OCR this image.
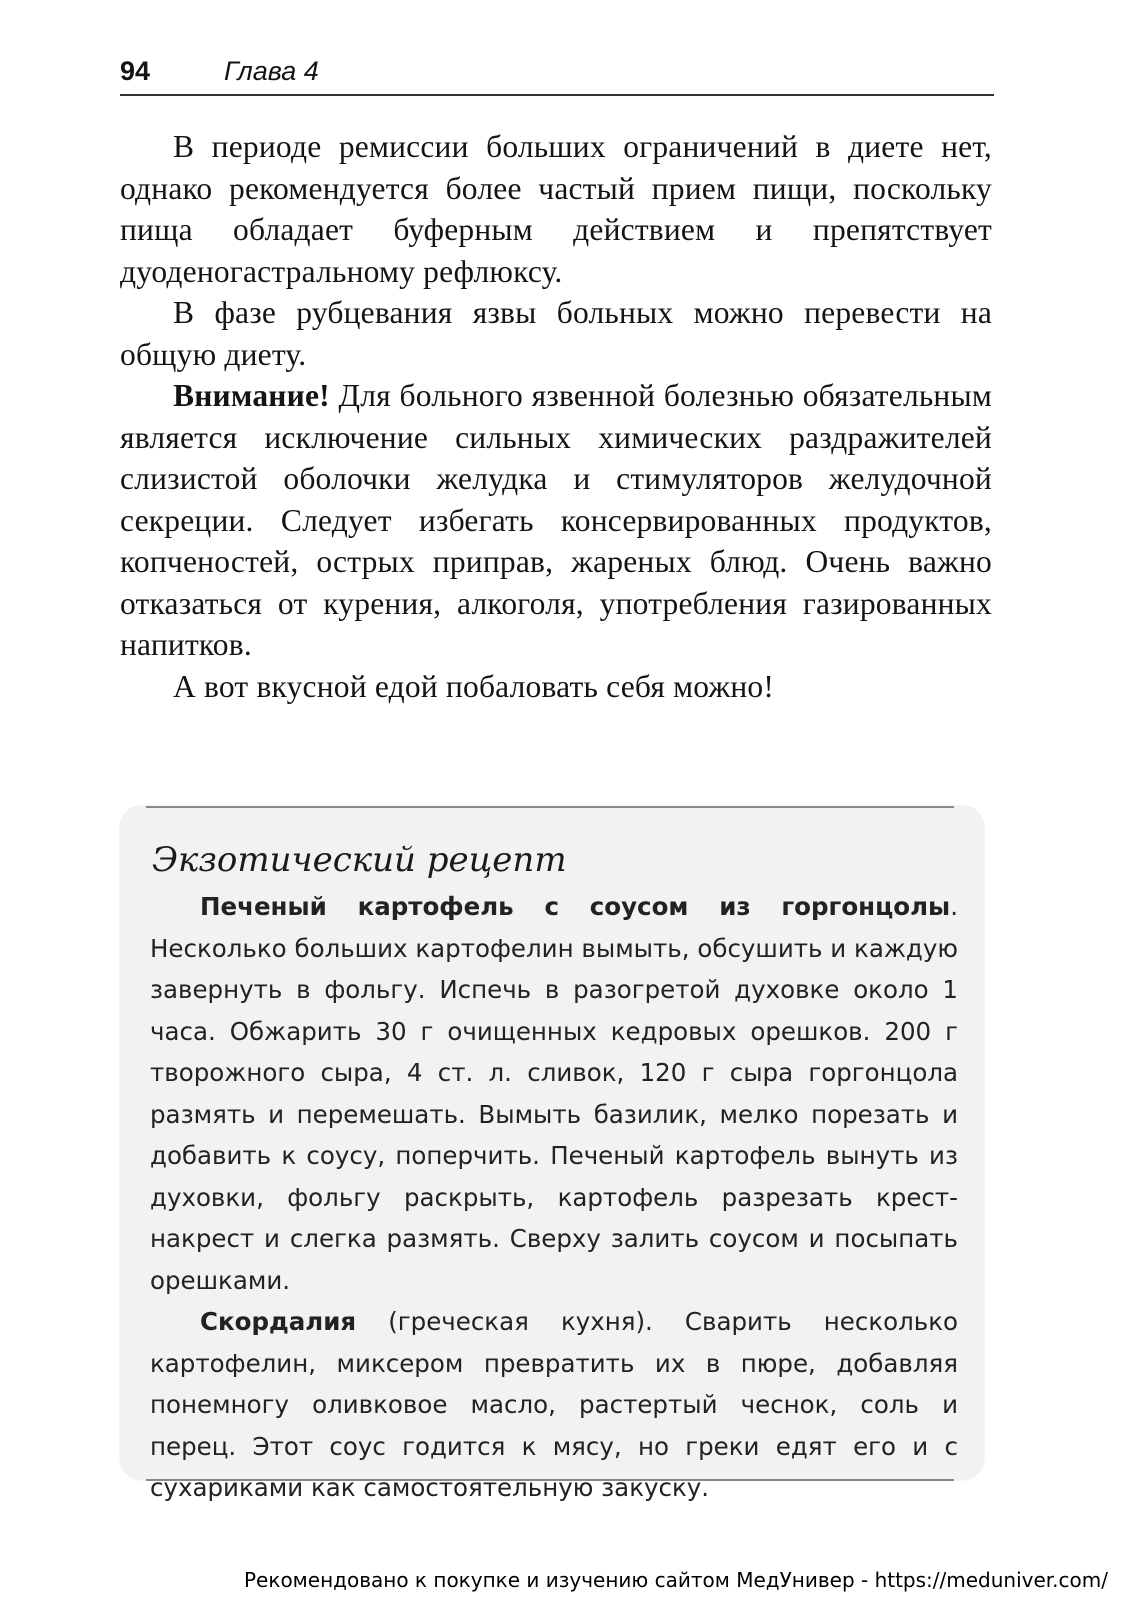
94	Глава 4

В периоде ремиссии больших ограничений в диете нет, однако рекомендуется более частый прием пищи, поскольку пища обладает буферным действием и препятствует дуоденогастральному рефлюксу.

В фазе рубцевания язвы больных можно перевести на общую диету.

Внимание! Для больного язвенной болезнью обязательным является исключение сильных химических раздражителей слизистой оболочки желудка и стимуляторов желудочной секреции. Следует избегать консервированных продуктов, копченостей, острых приправ, жареных блюд. Очень важно отказаться от курения, алкоголя, употребления газированных напитков.

А вот вкусной едой побаловать себя можно!

Экзотический рецепт

Печеный картофель с соусом из горгонцолы. Несколько больших картофелин вымыть, обсушить и каждую завернуть в фольгу. Испечь в разогретой духовке около 1 часа. Обжарить 30 г очищенных кедровых орешков. 200 г творожного сыра, 4 ст. л. сливок, 120 г сыра горгонцола размять и перемешать. Вымыть базилик, мелко порезать и добавить к соусу, поперчить. Печеный картофель вынуть из духовки, фольгу раскрыть, картофель разрезать крест-накрест и слегка размять. Сверху залить соусом и посыпать орешками.

Скордалия (греческая кухня). Сварить несколько картофелин, миксером превратить их в пюре, добавляя понемногу оливковое масло, растертый чеснок, соль и перец. Этот соус годится к мясу, но греки едят его и с сухариками как самостоятельную закуску.

Рекомендовано к покупке и изучению сайтом МедУнивер - https://meduniver.com/
